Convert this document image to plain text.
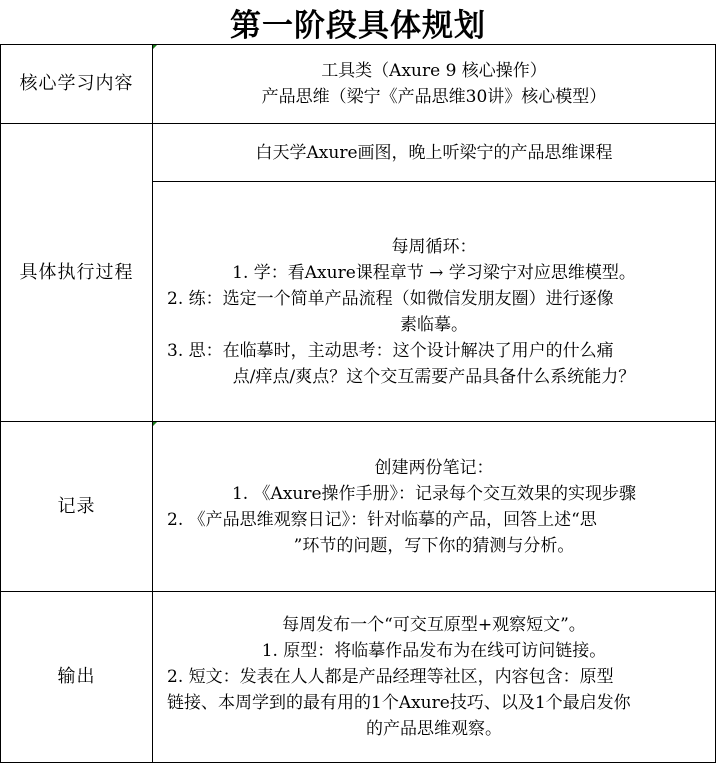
第一阶段具体规划
核心学习内容
工具类（Axure 9 核心操作）
产品思维（梁宁《产品思维30讲》核心模型）
具体执行过程
白天学Axure画图，晚上听梁宁的产品思维课程
每周循环：
1. 学：看Axure课程章节 → 学习梁宁对应思维模型。
2. 练：选定一个简单产品流程（如微信发朋友圈）进行逐像
素临摹。
3. 思：在临摹时，主动思考：这个设计解决了用户的什么痛
点/痒点/爽点？这个交互需要产品具备什么系统能力？
记录
创建两份笔记：
1. 《Axure操作手册》：记录每个交互效果的实现步骤
2. 《产品思维观察日记》：针对临摹的产品，回答上述“思
”环节的问题，写下你的猜测与分析。
输出
每周发布一个“可交互原型+观察短文”。
1. 原型：将临摹作品发布为在线可访问链接。
2. 短文：发表在人人都是产品经理等社区，内容包含：原型
链接、本周学到的最有用的1个Axure技巧、以及1个最启发你
的产品思维观察。
